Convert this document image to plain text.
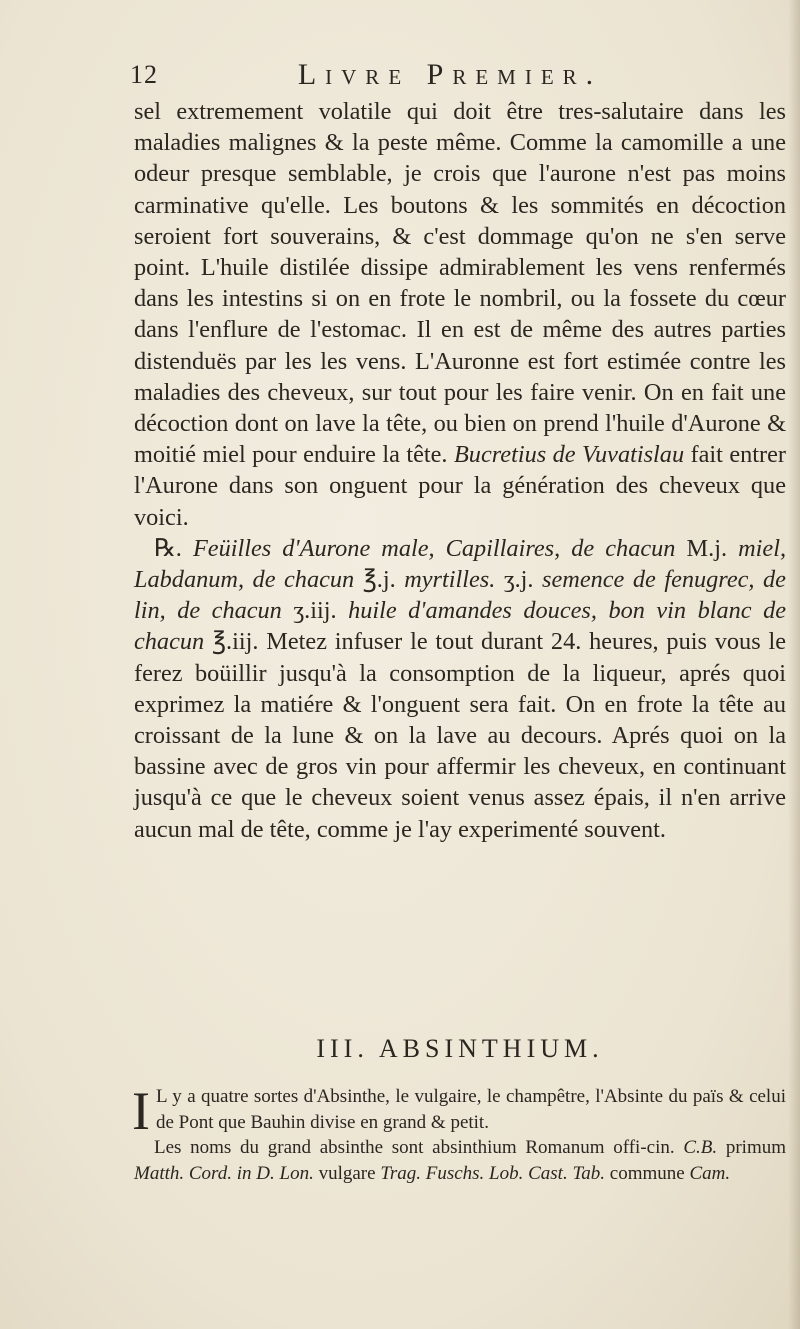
12	Livre Premier.

sel extremement volatile qui doit être tres-salutaire dans les maladies malignes & la peste même. Comme la camomille a une odeur presque semblable, je crois que l'aurone n'est pas moins carminative qu'elle. Les boutons & les sommités en décoction seroient fort souverains, & c'est dommage qu'on ne s'en serve point. L'huile distilée dissipe admirablement les vens renfermés dans les intestins si on en frote le nombril, ou la fossete du cœur dans l'enflure de l'estomac. Il en est de même des autres parties distenduës par les les vens. L'Auronne est fort estimée contre les maladies des cheveux, sur tout pour les faire venir. On en fait une décoction dont on lave la tête, ou bien on prend l'huile d'Aurone & moitié miel pour enduire la tête. Bucretius de Vuvatislau fait entrer l'Aurone dans son onguent pour la génération des cheveux que voici.

℞. Feüilles d'Aurone male, Capillaires, de chacun M.j. miel, Labdanum, de chacun ℥.j. myrtilles. ʒ.j. semence de fenugrec, de lin, de chacun ʒ.iij. huile d'amandes douces, bon vin blanc de chacun ℥.iij. Metez infuser le tout durant 24. heures, puis vous le ferez boüillir jusqu'à la consomption de la liqueur, aprés quoi exprimez la matiére & l'onguent sera fait. On en frote la tête au croissant de la lune & on la lave au decours. Aprés quoi on la bassine avec de gros vin pour affermir les cheveux, en continuant jusqu'à ce que le cheveux soient venus assez épais, il n'en arrive aucun mal de tête, comme je l'ay experimenté souvent.

III. ABSINTHIUM.

I L y a quatre sortes d'Absinthe, le vulgaire, le champêtre, l'Absinte du païs & celui de Pont que Bauhin divise en grand & petit.

Les noms du grand absinthe sont absinthium Romanum offi-cin. C.B. primum Matth. Cord. in D. Lon. vulgare Trag. Fuschs. Lob. Cast. Tab. commune Cam.
